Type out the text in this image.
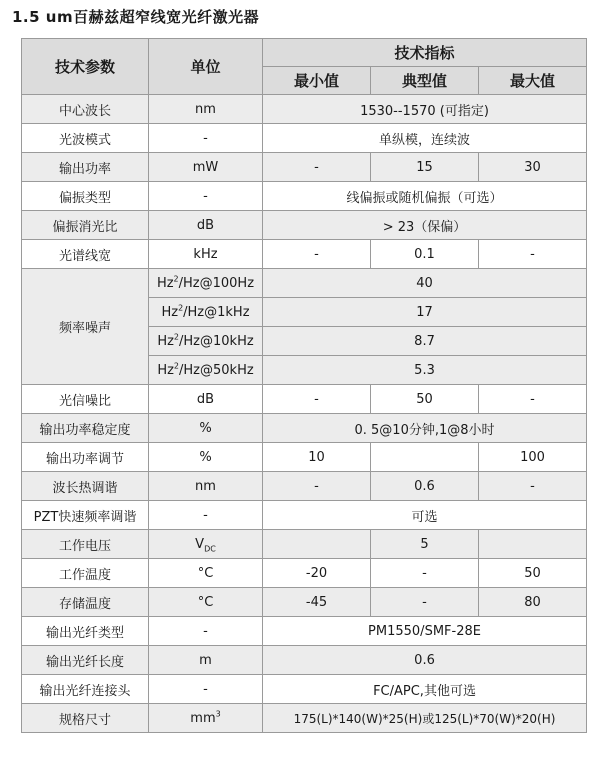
1.5 um百赫兹超窄线宽光纤激光器
技术参数	单位	技术指标		
		最小值	典型值	最大值
中心波长	nm	1530--1570 (可指定)		
光波模式	-	单纵模，连续波		
输出功率	mW	-	15	30
偏振类型	-	线偏振或随机偏振（可选）		
偏振消光比	dB	> 23（保偏）		
光谱线宽	kHz	-	0.1	-
频率噪声	Hz$^2$/Hz@100Hz	40		
	Hz$^2$/Hz@1kHz	17		
	Hz$^2$/Hz@10kHz	8.7		
	Hz$^2$/Hz@50kHz	5.3		
光信噪比	dB	-	50	-
输出功率稳定度	%	0. 5@10分钟,1@8小时		
输出功率调节	%	10		100
波长热调谐	nm	-	0.6	-
PZT快速频率调谐	-	可选		
工作电压	$V_{DC}$		5	
工作温度	°C	-20	-	50
存储温度	°C	-45	-	80
输出光纤类型	-	PM1550/SMF-28E		
输出光纤长度	m	0.6		
输出光纤连接头	-	FC/APC,其他可选		
规格尺寸	$mm^3$	175(L)*140(W)*25(H)或125(L)*70(W)*20(H)		
